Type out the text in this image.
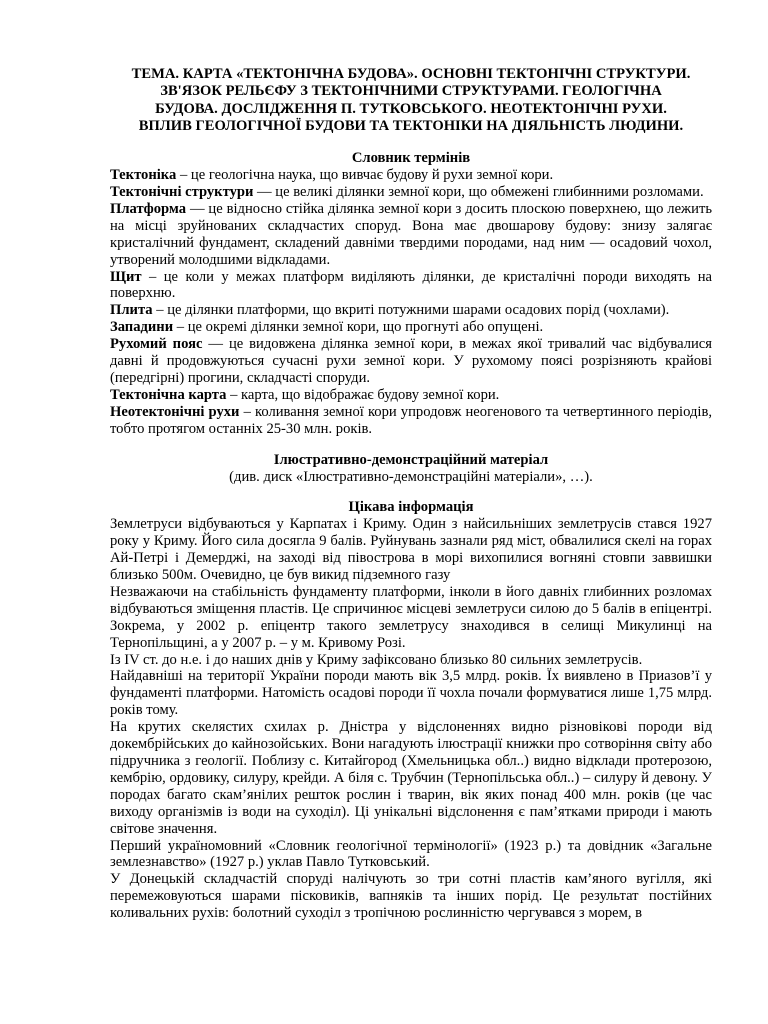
ТЕМА. КАРТА «ТЕКТОНІЧНА БУДОВА». ОСНОВНІ ТЕКТОНІЧНІ СТРУКТУРИ.

ЗВ'ЯЗОК РЕЛЬЄФУ З ТЕКТОНІЧНИМИ СТРУКТУРАМИ. ГЕОЛОГІЧНА

БУДОВА. ДОСЛІДЖЕННЯ П. ТУТКОВСЬКОГО. НЕОТЕКТОНІЧНІ РУХИ.

ВПЛИВ ГЕОЛОГІЧНОЇ БУДОВИ ТА ТЕКТОНІКИ НА ДІЯЛЬНІСТЬ ЛЮДИНИ.

Словник термінів

Тектоніка – це геологічна наука, що вивчає будову й рухи земної кори.

Тектонічні структури — це великі ділянки земної кори, що обмежені глибинними розломами.

Платформа — це відносно стійка ділянка земної кори з досить плоскою поверхнею, що лежить на місці зруйнованих складчастих споруд. Вона має двошарову будову: знизу залягає кристалічний фундамент, складений давніми твердими породами, над ним — осадовий чохол, утворений молодшими відкладами.

Щит – це коли у межах платформ виділяють ділянки, де кристалічні породи виходять на поверхню.

Плита – це ділянки платформи, що вкриті потужними шарами осадових порід (чохлами).

Западини – це окремі ділянки земної кори, що прогнуті або опущені.

Рухомий пояс — це видовжена ділянка земної кори, в межах якої тривалий час відбувалися давні й продовжуються сучасні рухи земної кори. У рухомому поясі розрізняють крайові (передгірні) прогини, складчасті споруди.

Тектонічна карта – карта, що відображає будову земної кори.

Неотектонічні рухи – коливання земної кори упродовж неогенового та четвертинного періодів, тобто протягом останніх 25-30 млн. років.

Ілюстративно-демонстраційний матеріал

(див. диск «Ілюстративно-демонстраційні матеріали», …).

Цікава інформація

Землетруси відбуваються у Карпатах і Криму. Один з найсильніших землетрусів стався 1927 року у Криму. Його сила досягла 9 балів. Руйнувань зазнали ряд міст, обвалилися скелі на горах Ай-Петрі і Демерджі, на заході від півострова в морі вихопилися вогняні стовпи заввишки близько 500м. Очевидно, це був викид підземного газу

Незважаючи на стабільність фундаменту платформи, інколи в його давніх глибинних розломах відбуваються зміщення пластів. Це спричинює місцеві землетруси силою до 5 балів в епіцентрі. Зокрема, у 2002 р. епіцентр такого землетрусу знаходився в селищі Микулинці на Тернопільщині, а у 2007 р. – у м. Кривому Розі.

Із IV ст. до н.е. і до наших днів у Криму зафіксовано близько 80 сильних землетрусів.

Найдавніші на території України породи мають вік 3,5 млрд. років. Їх виявлено в Приазов’ї у фундаменті платформи. Натомість осадові породи її чохла почали формуватися лише 1,75 млрд. років тому.

На крутих скелястих схилах р. Дністра у відслоненнях видно різновікові породи від докембрійських до кайнозойських. Вони нагадують ілюстрації книжки про сотворіння світу або підручника з геології. Поблизу с. Китайгород (Хмельницька обл..) видно відклади протерозою, кембрію, ордовику, силуру, крейди. А біля с. Трубчин (Тернопільська обл..) – силуру й девону. У породах багато скам’янілих решток рослин і тварин, вік яких понад 400 млн. років (це час виходу організмів із води на суходіл). Ці унікальні відслонення є пам’ятками природи і мають світове значення.

Перший україномовний «Словник геологічної термінології» (1923 р.) та довідник «Загальне землезнавство» (1927 р.) уклав Павло Тутковський.

У Донецькій складчастій споруді налічують зо три сотні пластів кам’яного вугілля, які перемежовуються шарами пісковиків, вапняків та інших порід. Це результат постійних коливальних рухів: болотний суходіл з тропічною рослинністю чергувався з морем, в
